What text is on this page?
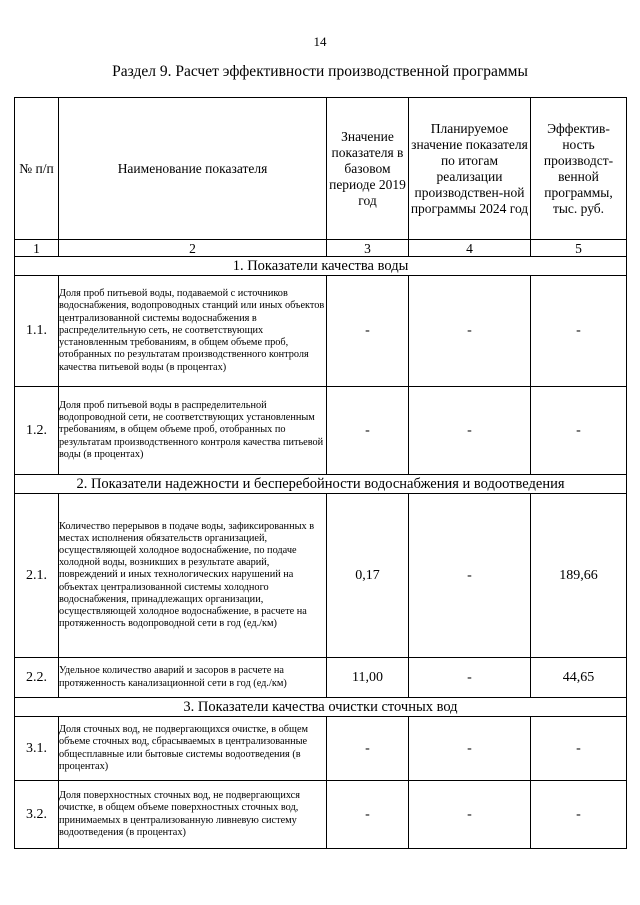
14
Раздел 9. Расчет эффективности производственной программы
№ п/п	Наименование показателя	Значение показателя в базовом периоде 2019 год	Планируемое значение показателя по итогам реализации производствен-ной программы 2024 год	Эффектив-ность производст-венной программы, тыс. руб.
1	2	3	4	5
1. Показатели качества воды				
1.1.	Доля проб питьевой воды, подаваемой с источников водоснабжения, водопроводных станций или иных объектов централизованной системы водоснабжения в распределительную сеть, не соответствующих установленным требованиям, в общем объеме проб, отобранных по результатам производственного контроля качества питьевой воды (в процентах)	-	-	-
1.2.	Доля проб питьевой воды в распределительной водопроводной сети, не соответствующих установленным требованиям, в общем объеме проб, отобранных по результатам производственного контроля качества питьевой воды (в процентах)	-	-	-
2. Показатели надежности и бесперебойности водоснабжения и водоотведения				
2.1.	Количество перерывов в подаче воды, зафиксированных в местах исполнения обязательств организацией, осуществляющей холодное водоснабжение, по подаче холодной воды, возникших в результате аварий, повреждений и иных технологических нарушений на объектах централизованной системы холодного водоснабжения, принадлежащих организации, осуществляющей холодное водоснабжение, в расчете на протяженность водопроводной сети в год (ед./км)	0,17	-	189,66
2.2.	Удельное количество аварий и засоров в расчете на протяженность канализационной сети в год (ед./км)	11,00	-	44,65
3. Показатели качества очистки сточных вод				
3.1.	Доля сточных вод, не подвергающихся очистке, в общем объеме сточных вод, сбрасываемых в централизованные общесплавные или бытовые системы водоотведения (в процентах)	-	-	-
3.2.	Доля поверхностных сточных вод, не подвергающихся очистке, в общем объеме поверхностных сточных вод, принимаемых в централизованную ливневую систему водоотведения (в процентах)	-	-	-
